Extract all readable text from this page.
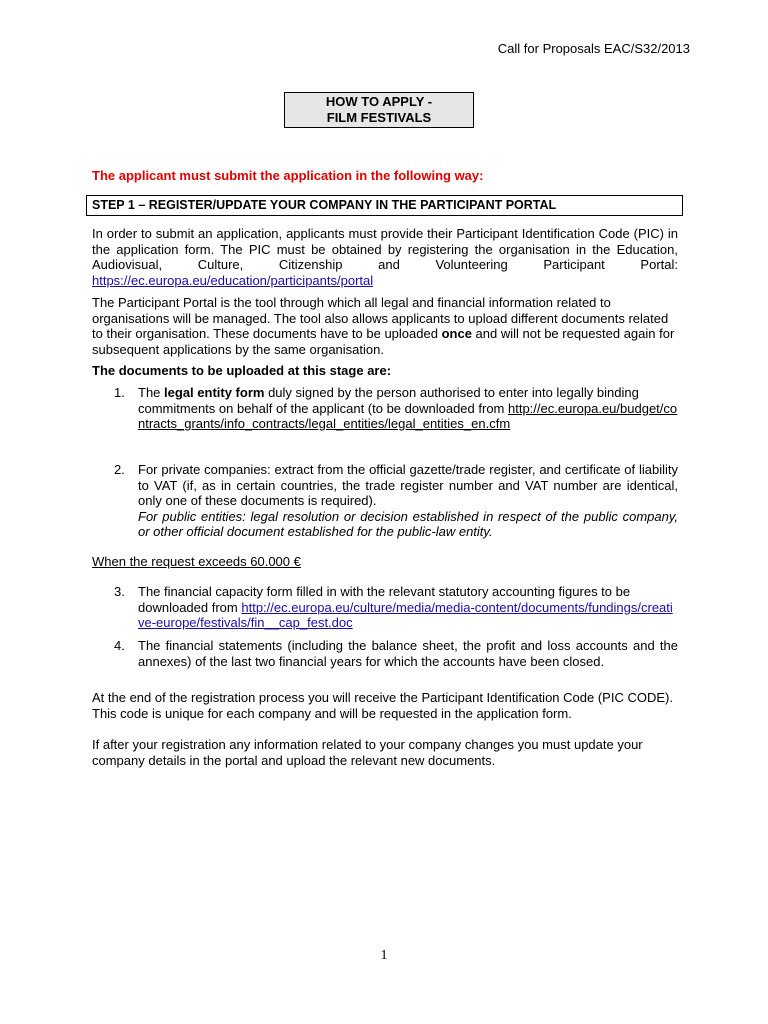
Call for Proposals EAC/S32/2013
HOW TO APPLY -
FILM FESTIVALS
The applicant must submit the application in the following way:
STEP 1 – REGISTER/UPDATE YOUR COMPANY IN THE PARTICIPANT PORTAL
In order to submit an application, applicants must provide their Participant Identification Code (PIC) in the application form. The PIC must be obtained by registering the organisation in the Education, Audiovisual, Culture, Citizenship and Volunteering Participant Portal: https://ec.europa.eu/education/participants/portal
The Participant Portal is the tool through which all legal and financial information related to organisations will be managed. The tool also allows applicants to upload different documents related to their organisation. These documents have to be uploaded once and will not be requested again for subsequent applications by the same organisation.
The documents to be uploaded at this stage are:
1. The legal entity form duly signed by the person authorised to enter into legally binding commitments on behalf of the applicant (to be downloaded from http://ec.europa.eu/budget/contracts_grants/info_contracts/legal_entities/legal_entities_en.cfm
2. For private companies: extract from the official gazette/trade register, and certificate of liability to VAT (if, as in certain countries, the trade register number and VAT number are identical, only one of these documents is required).
For public entities: legal resolution or decision established in respect of the public company, or other official document established for the public-law entity.
When the request exceeds 60.000 €
3. The financial capacity form filled in with the relevant statutory accounting figures to be downloaded from http://ec.europa.eu/culture/media/media-content/documents/fundings/creative-europe/festivals/fin__cap_fest.doc
4. The financial statements (including the balance sheet, the profit and loss accounts and the annexes) of the last two financial years for which the accounts have been closed.
At the end of the registration process you will receive the Participant Identification Code (PIC CODE). This code is unique for each company and will be requested in the application form.
If after your registration any information related to your company changes you must update your company details in the portal and upload the relevant new documents.
1
